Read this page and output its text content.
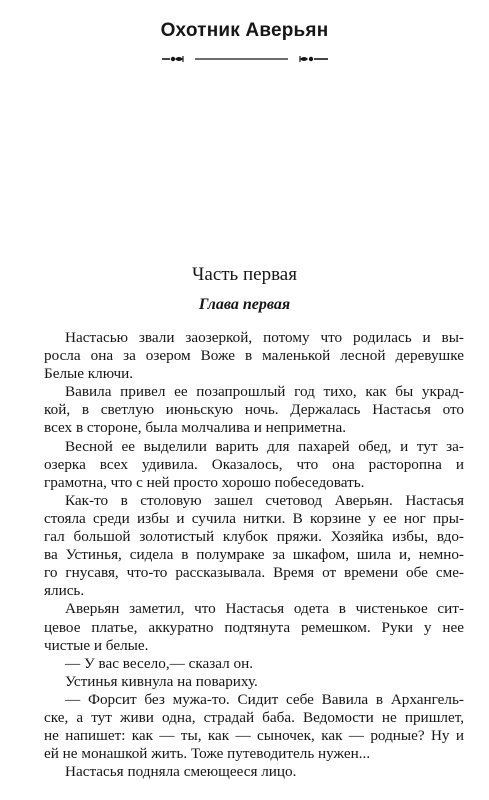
Охотник Аверьян
Часть первая
Глава первая

Настасью звали заозеркой, потому что родилась и вы-
росла она за озером Воже в маленькой лесной деревушке
Белые ключи.

Вавила привел ее позапрошлый год тихо, как бы украд-
кой, в светлую июньскую ночь. Держалась Настасья ото
всех в стороне, была молчалива и неприметна.

Весной ее выделили варить для пахарей обед, и тут за-
озерка всех удивила. Оказалось, что она расторопна и
грамотна, что с ней просто хорошо побеседовать.

Как-то в столовую зашел счетовод Аверьян. Настасья
стояла среди избы и сучила нитки. В корзине у ее ног пры-
гал большой золотистый клубок пряжи. Хозяйка избы, вдо-
ва Устинья, сидела в полумраке за шкафом, шила и, немно-
го гнусавя, что-то рассказывала. Время от времени обе сме-
ялись.

Аверьян заметил, что Настасья одета в чистенькое сит-
цевое платье, аккуратно подтянута ремешком. Руки у нее
чистые и белые.

— У вас весело,— сказал он.

Устинья кивнула на повариху.

— Форсит без мужа-то. Сидит себе Вавила в Архангель-
ске, а тут живи одна, страдай баба. Ведомости не пришлет,
не напишет: как — ты, как — сыночек, как — родные? Ну и
ей не монашкой жить. Тоже путеводитель нужен...

Настасья подняла смеющееся лицо.
